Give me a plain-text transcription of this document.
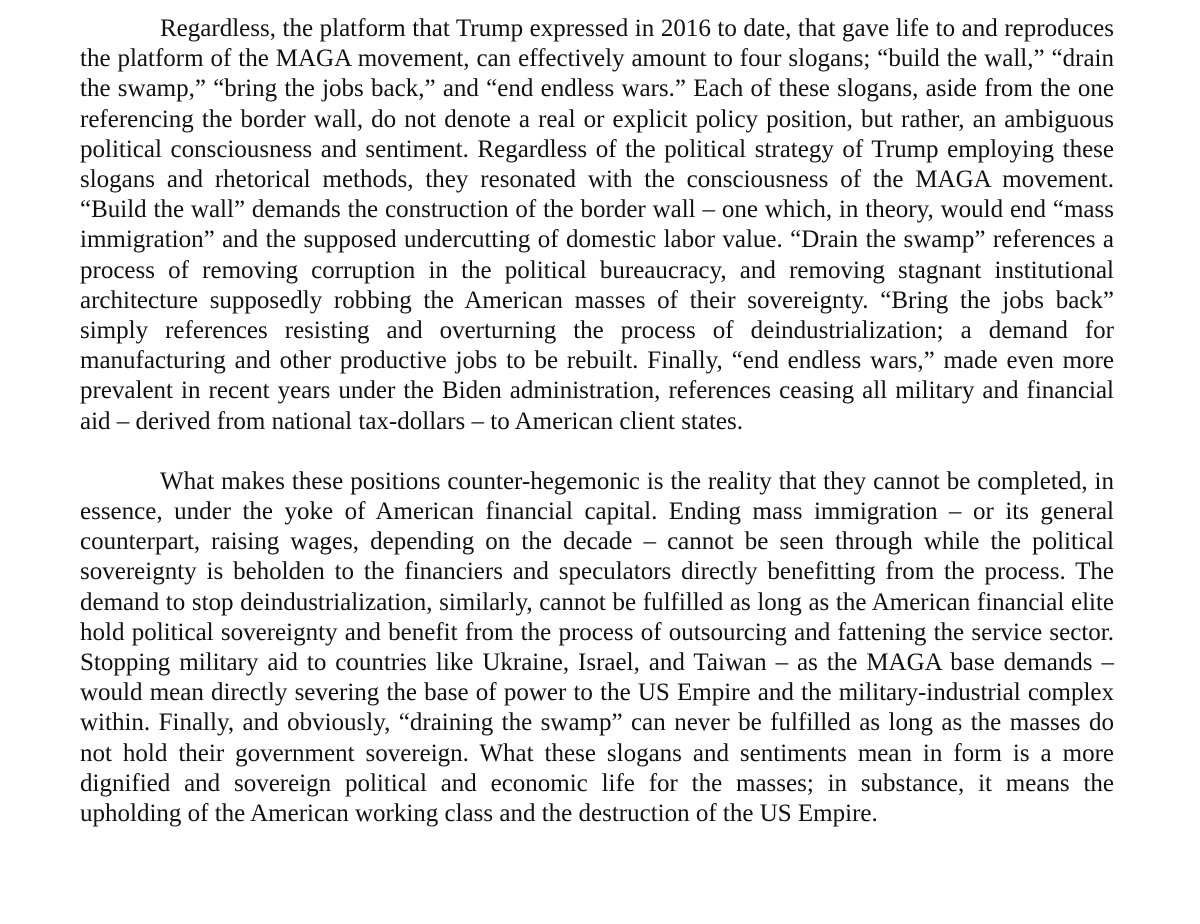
Regardless, the platform that Trump expressed in 2016 to date, that gave life to and reproduces the platform of the MAGA movement, can effectively amount to four slogans; “build the wall,” “drain the swamp,” “bring the jobs back,” and “end endless wars.” Each of these slogans, aside from the one referencing the border wall, do not denote a real or explicit policy position, but rather, an ambiguous political consciousness and sentiment. Regardless of the political strategy of Trump employing these slogans and rhetorical methods, they resonated with the consciousness of the MAGA movement. “Build the wall” demands the construction of the border wall – one which, in theory, would end “mass immigration” and the supposed undercutting of domestic labor value. “Drain the swamp” references a process of removing corruption in the political bureaucracy, and removing stagnant institutional architecture supposedly robbing the American masses of their sovereignty. “Bring the jobs back” simply references resisting and overturning the process of deindustrialization; a demand for manufacturing and other productive jobs to be rebuilt. Finally, “end endless wars,” made even more prevalent in recent years under the Biden administration, references ceasing all military and financial aid – derived from national tax-dollars – to American client states.

What makes these positions counter-hegemonic is the reality that they cannot be completed, in essence, under the yoke of American financial capital. Ending mass immigration – or its general counterpart, raising wages, depending on the decade – cannot be seen through while the political sovereignty is beholden to the financiers and speculators directly benefitting from the process. The demand to stop deindustrialization, similarly, cannot be fulfilled as long as the American financial elite hold political sovereignty and benefit from the process of outsourcing and fattening the service sector. Stopping military aid to countries like Ukraine, Israel, and Taiwan – as the MAGA base demands – would mean directly severing the base of power to the US Empire and the military-industrial complex within. Finally, and obviously, “draining the swamp” can never be fulfilled as long as the masses do not hold their government sovereign. What these slogans and sentiments mean in form is a more dignified and sovereign political and economic life for the masses; in substance, it means the upholding of the American working class and the destruction of the US Empire.
